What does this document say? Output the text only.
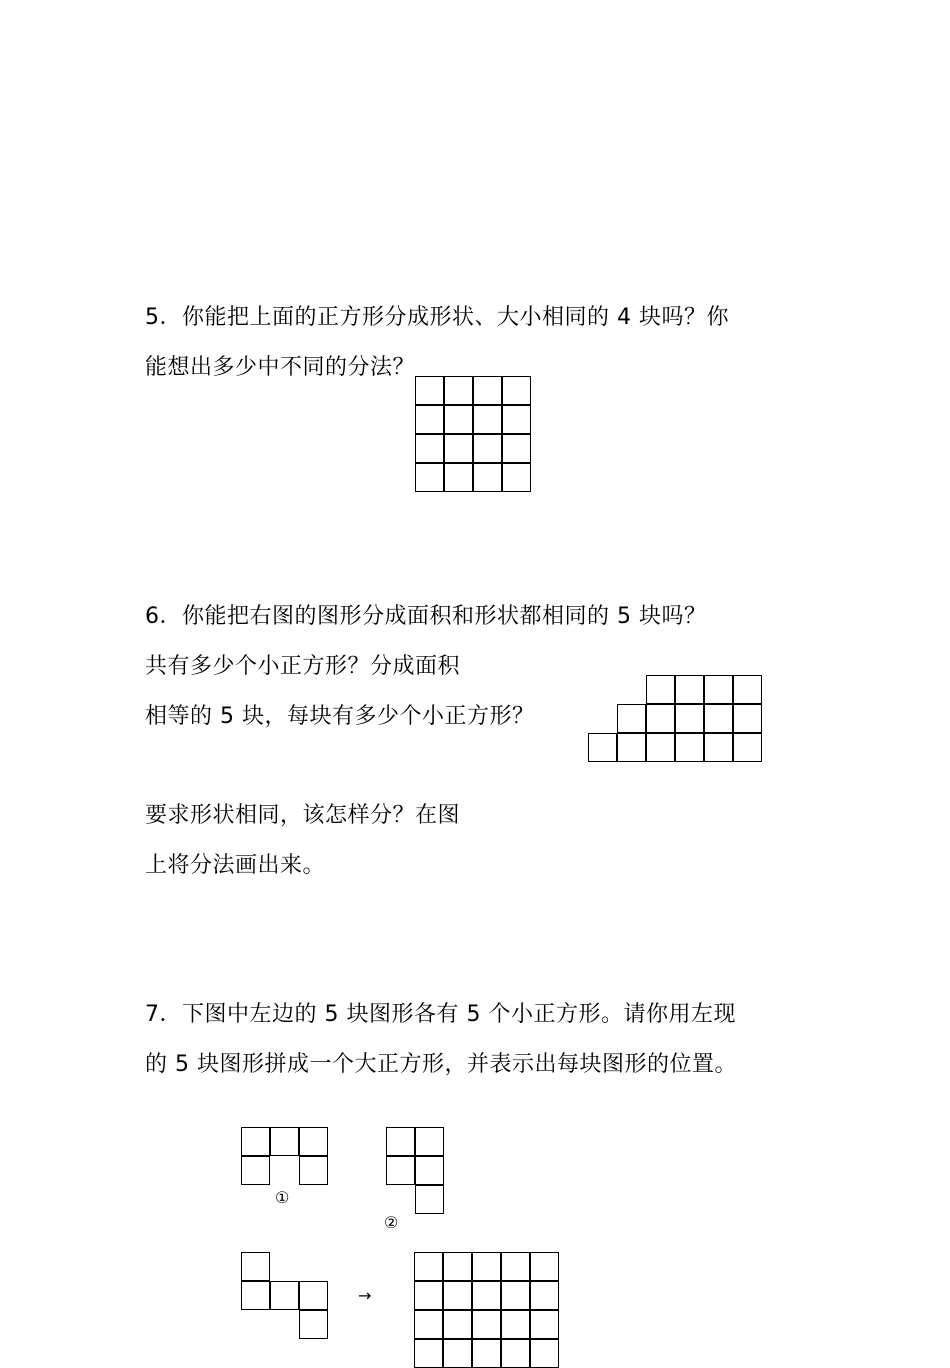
5．你能把上面的正方形分成形状、大小相同的 4 块吗？你
能想出多少中不同的分法？
6．你能把右图的图形分成面积和形状都相同的 5 块吗？
共有多少个小正方形？分成面积
相等的 5 块，每块有多少个小正方形？
要求形状相同，该怎样分？在图
上将分法画出来。
7．下图中左边的 5 块图形各有 5 个小正方形。请你用左现
的 5 块图形拼成一个大正方形，并表示出每块图形的位置。
①
②
→
